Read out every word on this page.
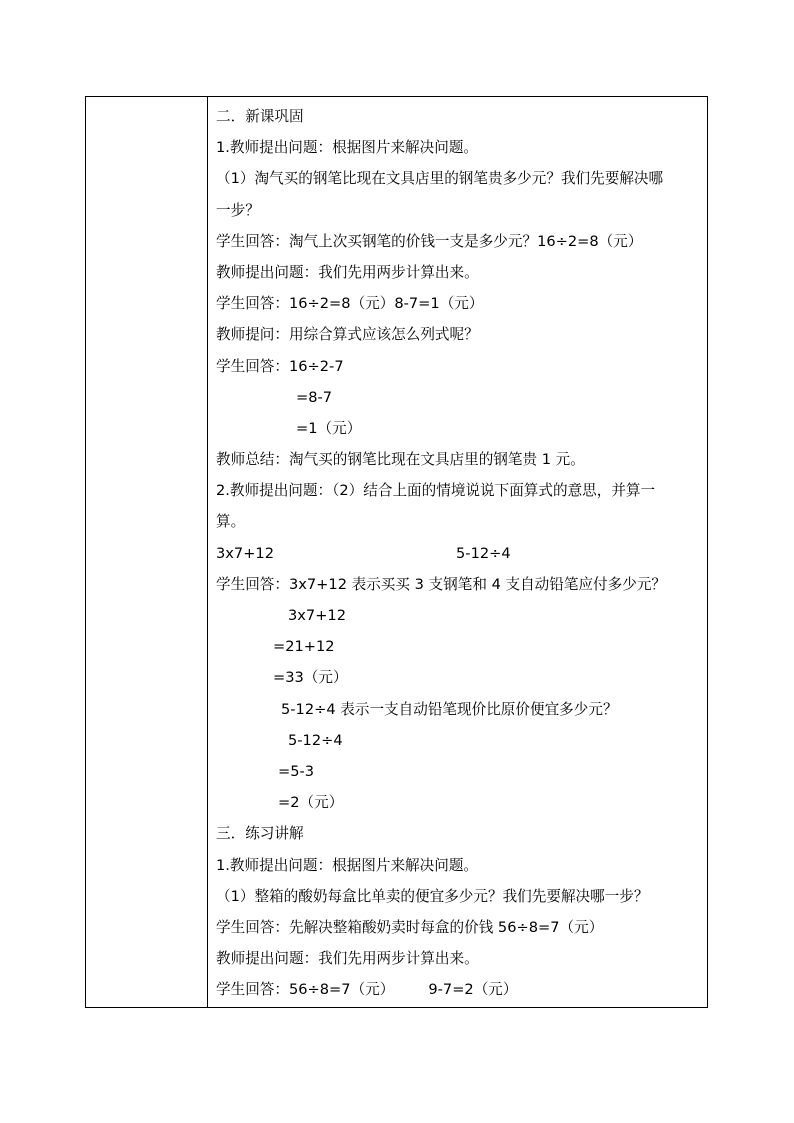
二．新课巩固
1.教师提出问题：根据图片来解决问题。
（1）淘气买的钢笔比现在文具店里的钢笔贵多少元？我们先要解决哪
一步？
学生回答：淘气上次买钢笔的价钱一支是多少元？16÷2=8（元）
教师提出问题：我们先用两步计算出来。
学生回答：16÷2=8（元）8-7=1（元）
教师提问：用综合算式应该怎么列式呢？
学生回答：16÷2-7
=8-7
=1（元）
教师总结：淘气买的钢笔比现在文具店里的钢笔贵 1 元。
2.教师提出问题：（2）结合上面的情境说说下面算式的意思，并算一
算。
3x7+12	5-12÷4
学生回答：3x7+12 表示买买 3 支钢笔和 4 支自动铅笔应付多少元？
3x7+12
=21+12
=33（元）
5-12÷4 表示一支自动铅笔现价比原价便宜多少元？
5-12÷4
=5-3
=2（元）
三．练习讲解
1.教师提出问题：根据图片来解决问题。
（1）整箱的酸奶每盒比单卖的便宜多少元？我们先要解决哪一步？
学生回答：先解决整箱酸奶卖时每盒的价钱 56÷8=7（元）
教师提出问题：我们先用两步计算出来。
学生回答：56÷8=7（元） 9-7=2（元）
